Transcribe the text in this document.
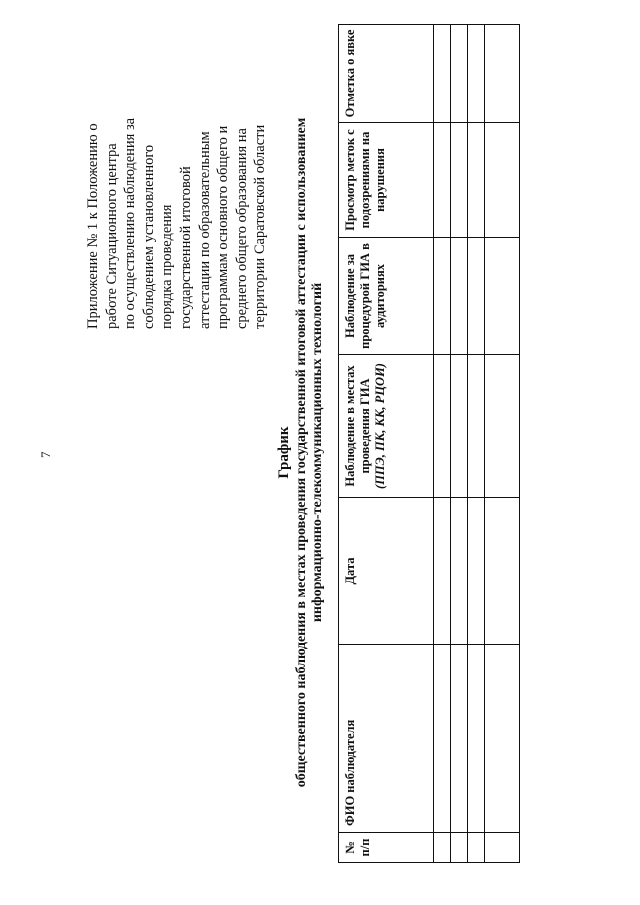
7
Приложение № 1 к Положению о работе Ситуационного центра по осуществлению наблюдения за соблюдением установленного порядка проведения государственной итоговой аттестации по образовательным программам основного общего и среднего общего образования на территории Саратовской области
График общественного наблюдения в местах проведения государственной итоговой аттестации с использованием информационно-телекоммуникационных технологий
№ п/п	ФИО наблюдателя	Дата	Наблюдение в местах проведения ГИА (ППЭ, ПК, КК, РЦОИ)	Наблюдение за процедурой ГИА в аудиториях	Просмотр меток с подозрениями на нарушения	Отметка о явке
